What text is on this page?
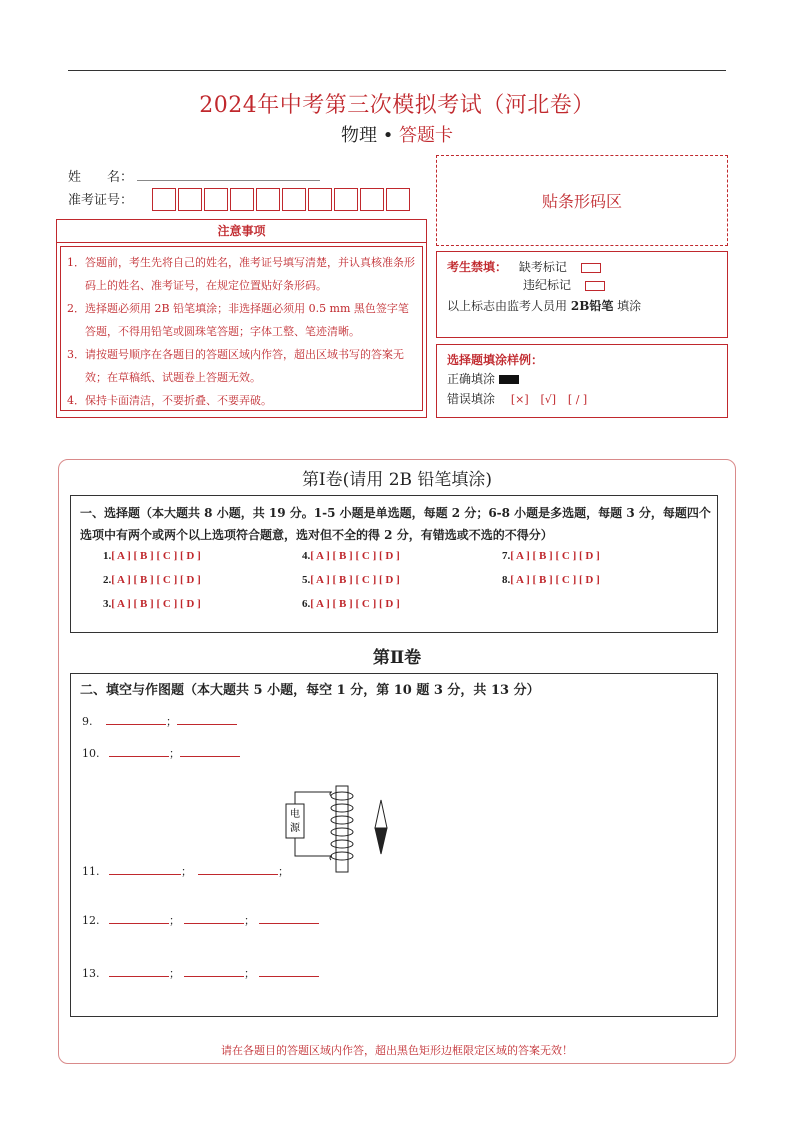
2024年中考第三次模拟考试（河北卷）
物理 • 答题卡
姓　　名：
准考证号：	贴条形码区
注意事项
1．答题前，考生先将自己的姓名，准考证号填写清楚，并认真核准条形码上的姓名、准考证号，在规定位置贴好条形码。
2．选择题必须用 2B 铅笔填涂；非选择题必须用 0.5 mm 黑色签字笔答题，不得用铅笔或圆珠笔答题；字体工整、笔迹清晰。
3．请按题号顺序在各题目的答题区域内作答，超出区域书写的答案无效；在草稿纸、试题卷上答题无效。
4．保持卡面清洁，不要折叠、不要弄破。
考生禁填： 缺考标记
违纪标记
以上标志由监考人员用 2B铅笔 填涂
选择题填涂样例：
正确填涂
错误填涂 [×] [√] [ / ]
第Ⅰ卷(请用 2B 铅笔填涂)
一、选择题（本大题共 8 小题，共 19 分。1-5 小题是单选题，每题 2 分；6-8 小题是多选题，每题 3 分，每题四个选项中有两个或两个以上选项符合题意，选对但不全的得 2 分，有错选或不选的不得分）
1.[ A ] [ B ] [ C ] [ D ]
2.[ A ] [ B ] [ C ] [ D ]
3.[ A ] [ B ] [ C ] [ D ]
4.[ A ] [ B ] [ C ] [ D ]
5.[ A ] [ B ] [ C ] [ D ]
6.[ A ] [ B ] [ C ] [ D ]
7.[ A ] [ B ] [ C ] [ D ]
8.[ A ] [ B ] [ C ] [ D ]
第Ⅱ卷
二、填空与作图题（本大题共 5 小题，每空 1 分，第 10 题 3 分，共 13 分）
9.	；
10.	；
电
源
11.	；	；
12.	；	；
13.	；	；
请在各题目的答题区域内作答，超出黑色矩形边框限定区域的答案无效！
